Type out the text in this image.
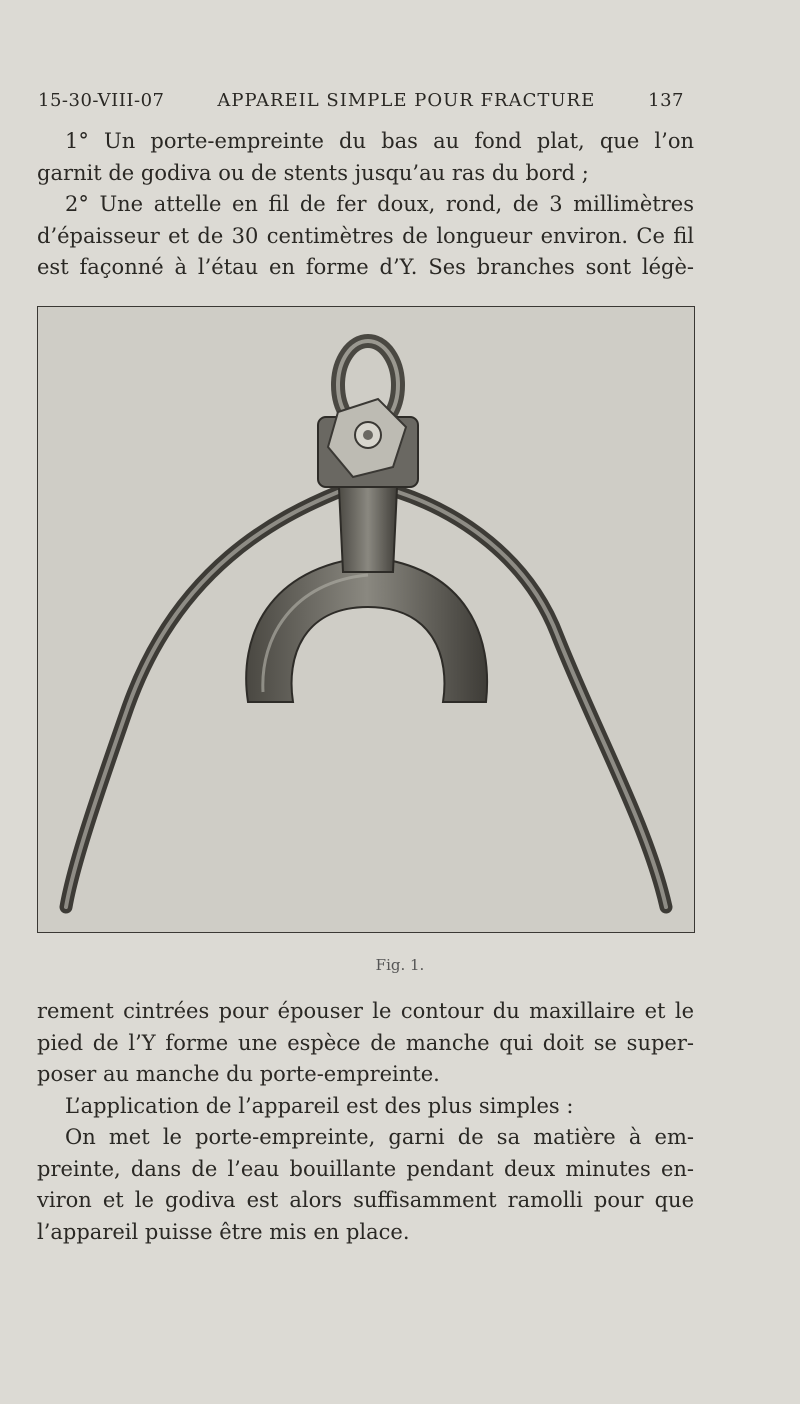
15-30-VIII-07	APPAREIL SIMPLE POUR FRACTURE	137
1° Un porte-empreinte du bas au fond plat, que l’on
garnit de godiva ou de stents jusqu’au ras du bord ;
2° Une attelle en fil de fer doux, rond, de 3 millimètres
d’épaisseur et de 30 centimètres de longueur environ. Ce fil
est façonné à l’étau en forme d’Y. Ses branches sont légè-
Fig. 1.
rement cintrées pour épouser le contour du maxillaire et le
pied de l’Y forme une espèce de manche qui doit se super-
poser au manche du porte-empreinte.
L’application de l’appareil est des plus simples :
On met le porte-empreinte, garni de sa matière à em-
preinte, dans de l’eau bouillante pendant deux minutes en-
viron et le godiva est alors suffisamment ramolli pour que
l’appareil puisse être mis en place.
